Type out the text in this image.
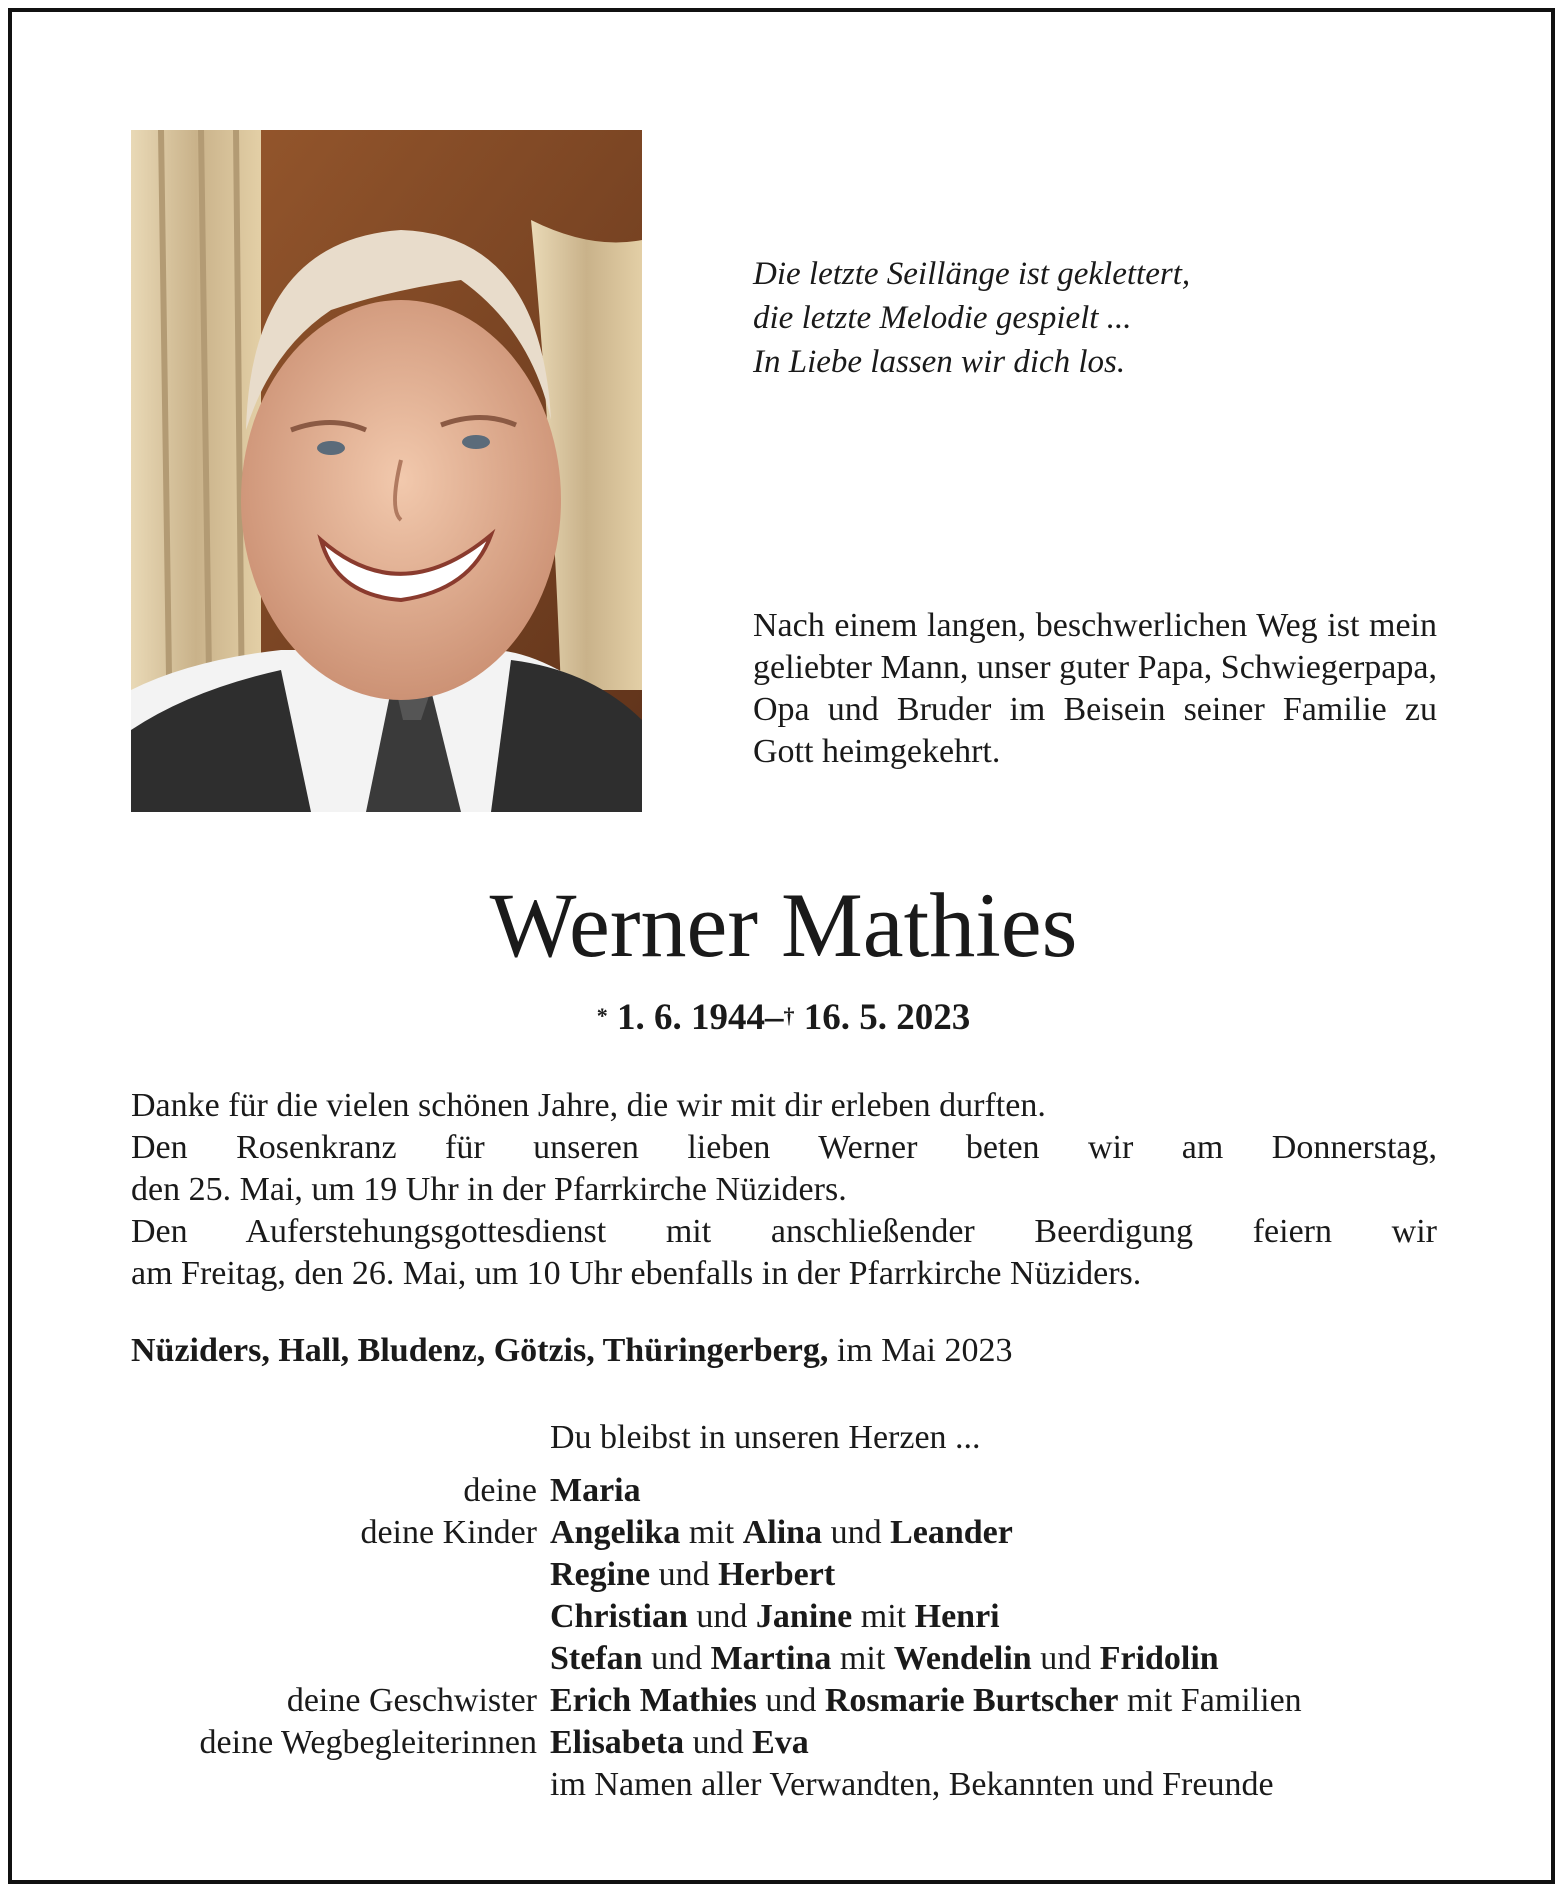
Die letzte Seillänge ist geklettert,
die letzte Melodie gespielt ...
In Liebe lassen wir dich los.
Nach einem langen, beschwerlichen Weg ist mein geliebter Mann, unser guter Papa, Schwiegerpapa, Opa und Bruder im Beisein seiner Familie zu Gott heimgekehrt.
Werner Mathies
* 1. 6. 1944–† 16. 5. 2023
Danke für die vielen schönen Jahre, die wir mit dir erleben durften.
Den Rosenkranz für unseren lieben Werner beten wir am Donnerstag,
den 25. Mai, um 19 Uhr in der Pfarrkirche Nüziders.
Den Auferstehungsgottesdienst mit anschließender Beerdigung feiern wir
am Freitag, den 26. Mai, um 10 Uhr ebenfalls in der Pfarrkirche Nüziders.
Nüziders, Hall, Bludenz, Götzis, Thüringerberg, im Mai 2023
Du bleibst in unseren Herzen ...
deine Maria
deine Kinder Angelika mit Alina und Leander
Regine und Herbert
Christian und Janine mit Henri
Stefan und Martina mit Wendelin und Fridolin
deine Geschwister Erich Mathies und Rosmarie Burtscher mit Familien
deine Wegbegleiterinnen Elisabeta und Eva
im Namen aller Verwandten, Bekannten und Freunde
